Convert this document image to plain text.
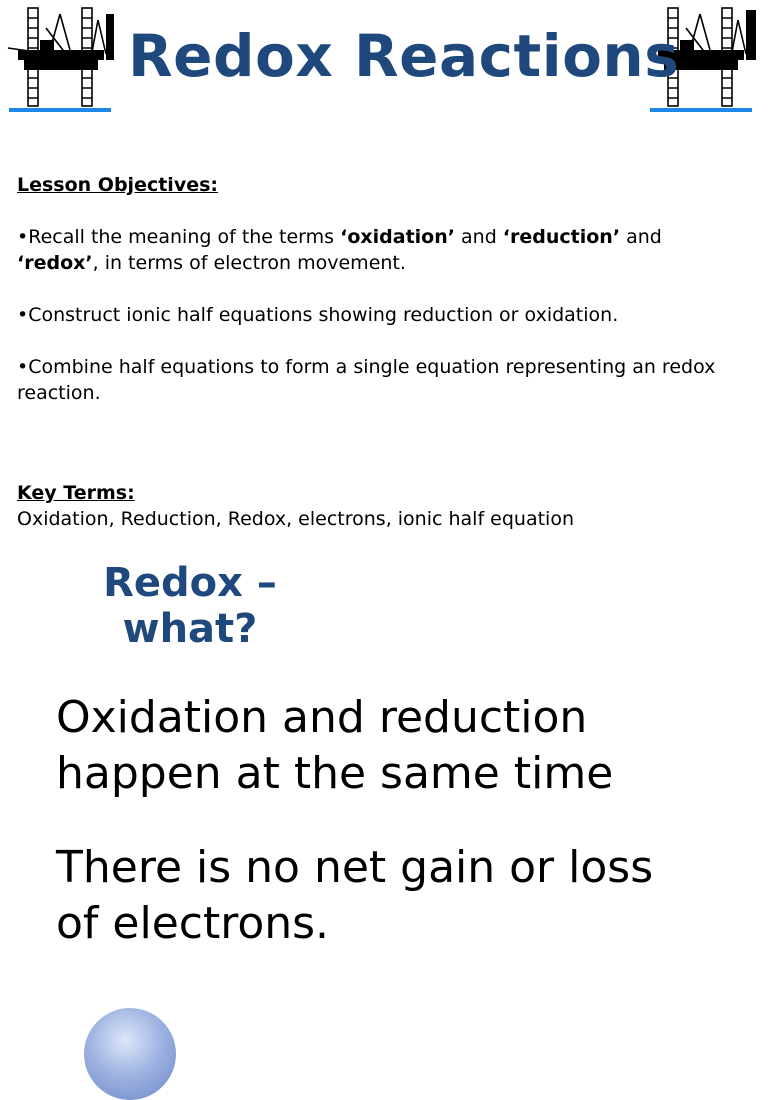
Redox Reactions
Lesson Objectives:
•Recall the meaning of the terms ‘oxidation’ and ‘reduction’ and ‘redox’, in terms of electron movement.
•Construct ionic half equations showing reduction or oxidation.
•Combine half equations to form a single equation representing an redox reaction.
Key Terms:
Oxidation, Reduction, Redox, electrons, ionic half equation
Redox –
what?
Oxidation and reduction happen at the same time
There is no net gain or loss of electrons.
